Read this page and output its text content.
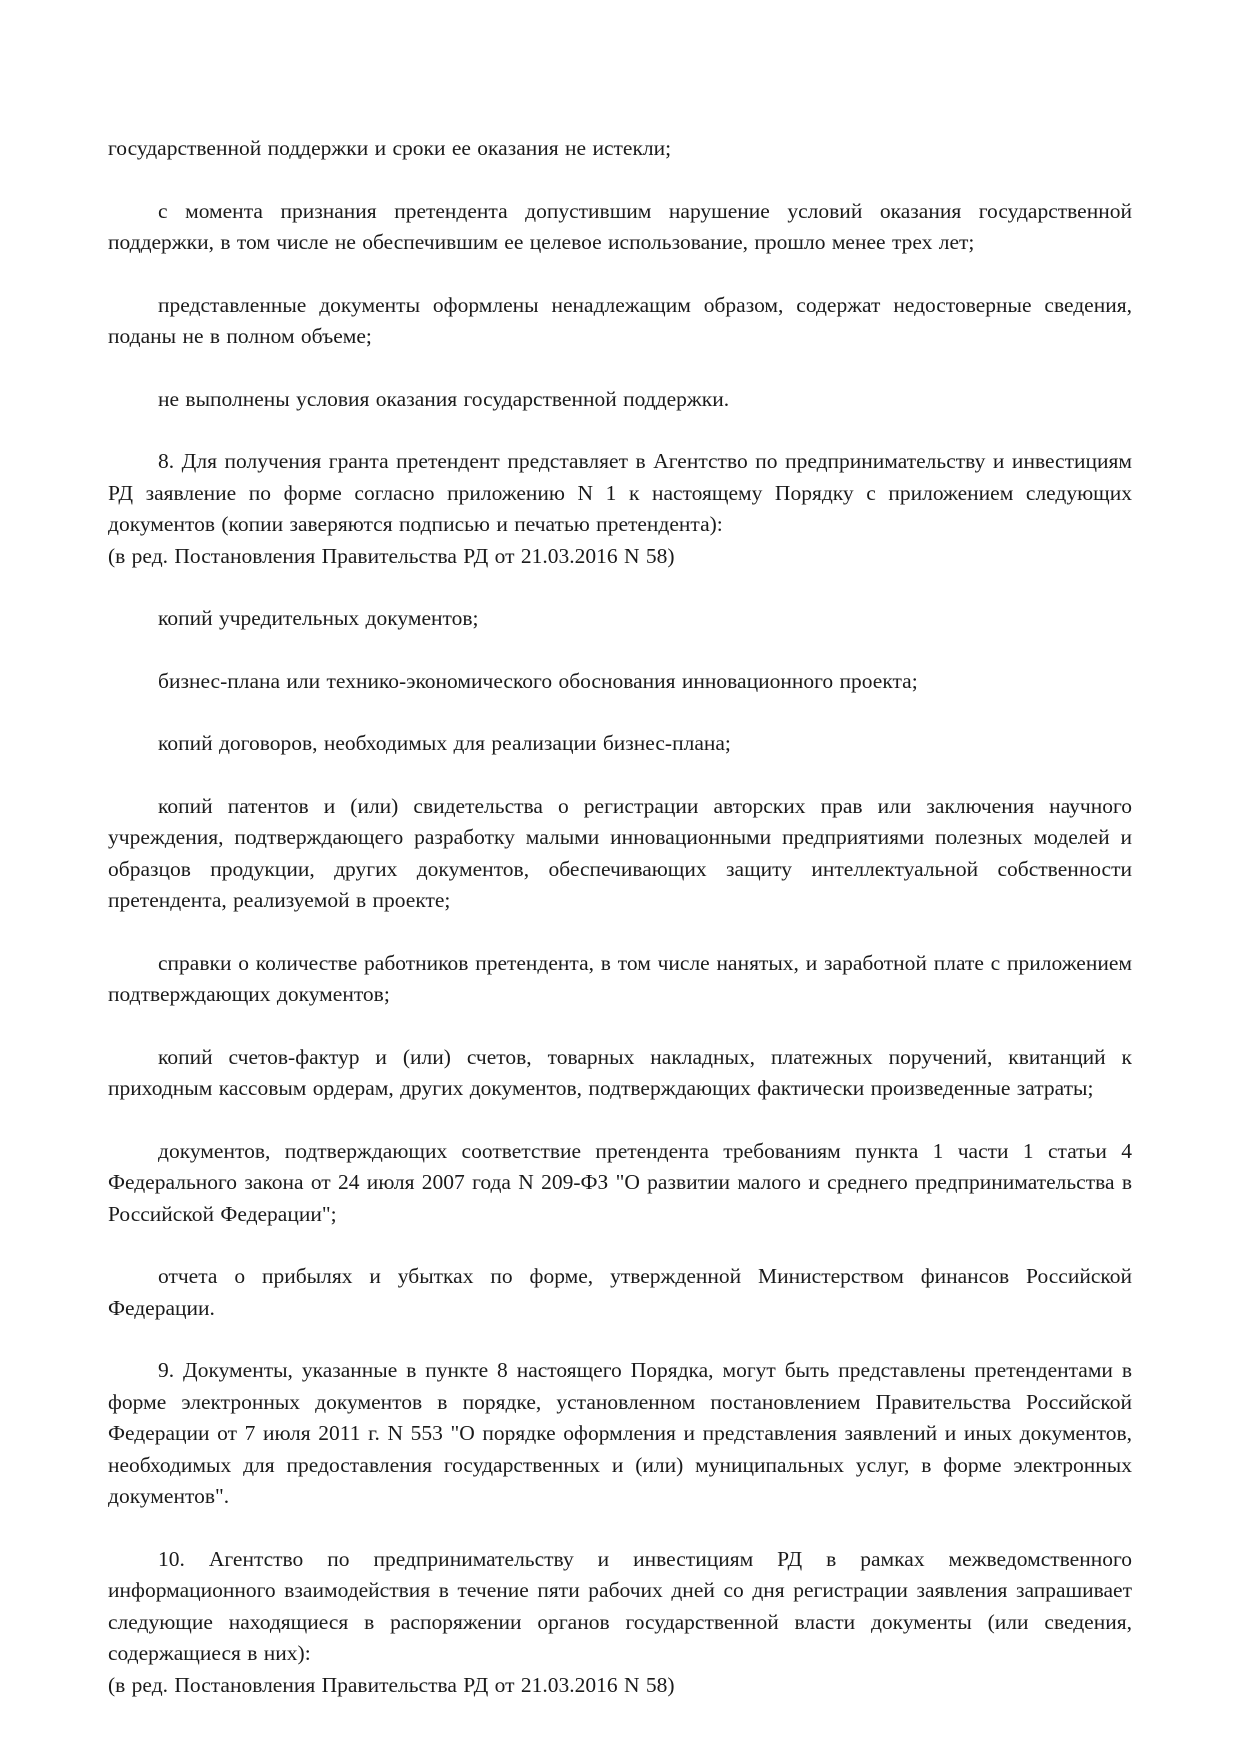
государственной поддержки и сроки ее оказания не истекли;

с момента признания претендента допустившим нарушение условий оказания государственной поддержки, в том числе не обеспечившим ее целевое использование, прошло менее трех лет;

представленные документы оформлены ненадлежащим образом, содержат недостоверные сведения, поданы не в полном объеме;

не выполнены условия оказания государственной поддержки.

8. Для получения гранта претендент представляет в Агентство по предпринимательству и инвестициям РД заявление по форме согласно приложению N 1 к настоящему Порядку с приложением следующих документов (копии заверяются подписью и печатью претендента):

(в ред. Постановления Правительства РД от 21.03.2016 N 58)

копий учредительных документов;

бизнес-плана или технико-экономического обоснования инновационного проекта;

копий договоров, необходимых для реализации бизнес-плана;

копий патентов и (или) свидетельства о регистрации авторских прав или заключения научного учреждения, подтверждающего разработку малыми инновационными предприятиями полезных моделей и образцов продукции, других документов, обеспечивающих защиту интеллектуальной собственности претендента, реализуемой в проекте;

справки о количестве работников претендента, в том числе нанятых, и заработной плате с приложением подтверждающих документов;

копий счетов-фактур и (или) счетов, товарных накладных, платежных поручений, квитанций к приходным кассовым ордерам, других документов, подтверждающих фактически произведенные затраты;

документов, подтверждающих соответствие претендента требованиям пункта 1 части 1 статьи 4 Федерального закона от 24 июля 2007 года N 209-ФЗ "О развитии малого и среднего предпринимательства в Российской Федерации";

отчета о прибылях и убытках по форме, утвержденной Министерством финансов Российской Федерации.

9. Документы, указанные в пункте 8 настоящего Порядка, могут быть представлены претендентами в форме электронных документов в порядке, установленном постановлением Правительства Российской Федерации от 7 июля 2011 г. N 553 "О порядке оформления и представления заявлений и иных документов, необходимых для предоставления государственных и (или) муниципальных услуг, в форме электронных документов".

10. Агентство по предпринимательству и инвестициям РД в рамках межведомственного информационного взаимодействия в течение пяти рабочих дней со дня регистрации заявления запрашивает следующие находящиеся в распоряжении органов государственной власти документы (или сведения, содержащиеся в них):

(в ред. Постановления Правительства РД от 21.03.2016 N 58)
